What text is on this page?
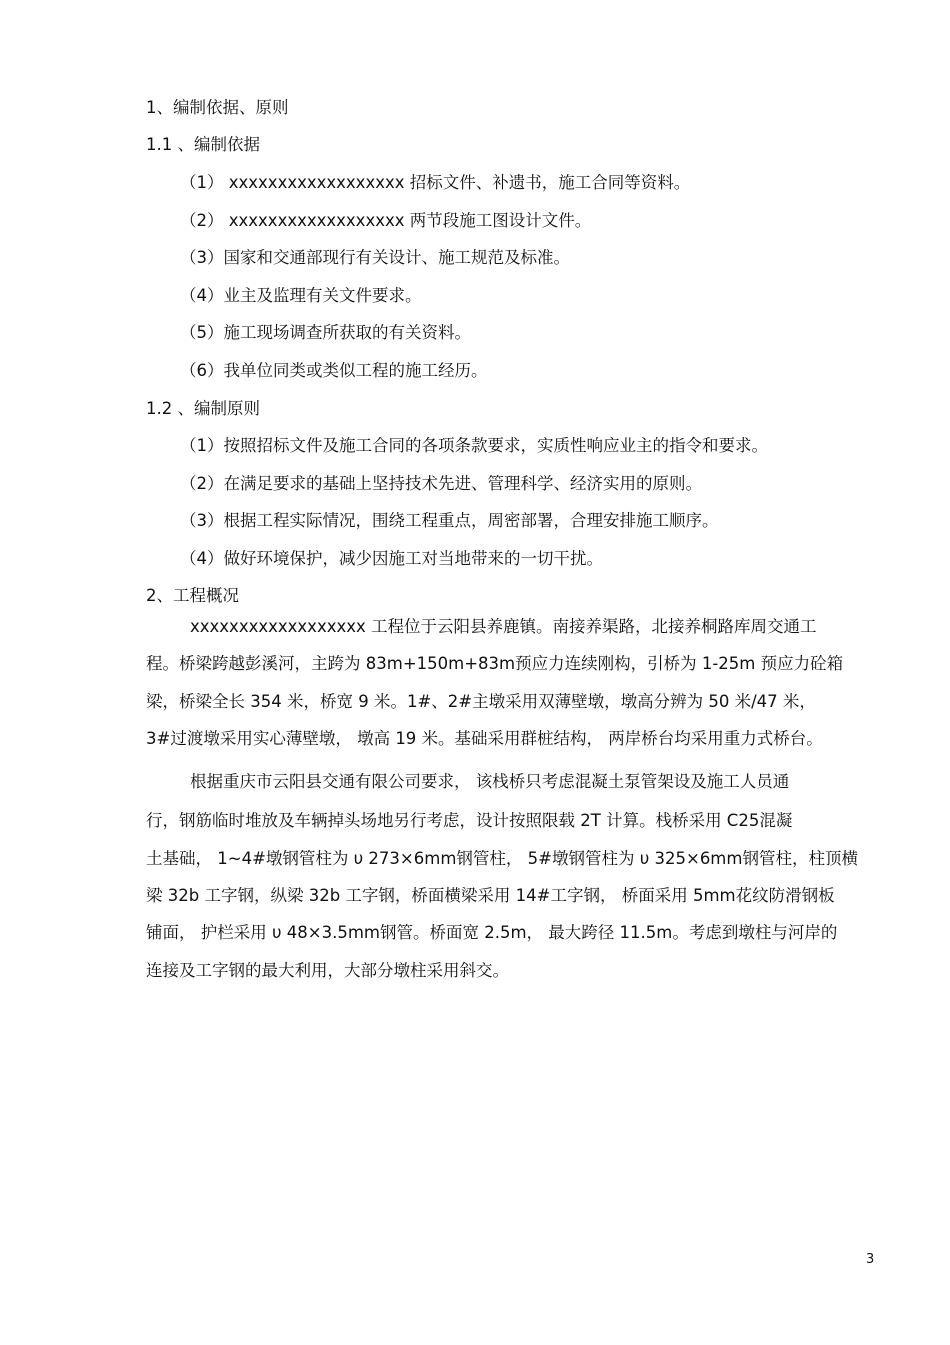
1、编制依据、原则
1.1 、编制依据
（1） xxxxxxxxxxxxxxxxxx 招标文件、补遗书，施工合同等资料。
（2） xxxxxxxxxxxxxxxxxx 两节段施工图设计文件。
（3）国家和交通部现行有关设计、施工规范及标准。
（4）业主及监理有关文件要求。
（5）施工现场调查所获取的有关资料。
（6）我单位同类或类似工程的施工经历。
1.2 、编制原则
（1）按照招标文件及施工合同的各项条款要求，实质性响应业主的指令和要求。
（2）在满足要求的基础上坚持技术先进、管理科学、经济实用的原则。
（3）根据工程实际情况，围绕工程重点，周密部署，合理安排施工顺序。
（4）做好环境保护，减少因施工对当地带来的一切干扰。
2、工程概况
xxxxxxxxxxxxxxxxxx 工程位于云阳县养鹿镇。南接养渠路，北接养桐路库周交通工
程。桥梁跨越彭溪河，主跨为 83m+150m+83m预应力连续刚构，引桥为 1-25m 预应力砼箱
梁，桥梁全长 354 米，桥宽 9 米。1#、2#主墩采用双薄壁墩，墩高分辨为 50 米/47 米，
3#过渡墩采用实心薄壁墩， 墩高 19 米。基础采用群桩结构， 两岸桥台均采用重力式桥台。
根据重庆市云阳县交通有限公司要求， 该栈桥只考虑混凝土泵管架设及施工人员通
行，钢筋临时堆放及车辆掉头场地另行考虑，设计按照限载 2T 计算。栈桥采用 C25混凝
土基础， 1~4#墩钢管柱为 υ 273×6mm钢管柱， 5#墩钢管柱为 υ 325×6mm钢管柱，柱顶横
梁 32b 工字钢，纵梁 32b 工字钢，桥面横梁采用 14#工字钢， 桥面采用 5mm花纹防滑钢板
铺面， 护栏采用 υ 48×3.5mm钢管。桥面宽 2.5m， 最大跨径 11.5m。考虑到墩柱与河岸的
连接及工字钢的最大利用，大部分墩柱采用斜交。
3
